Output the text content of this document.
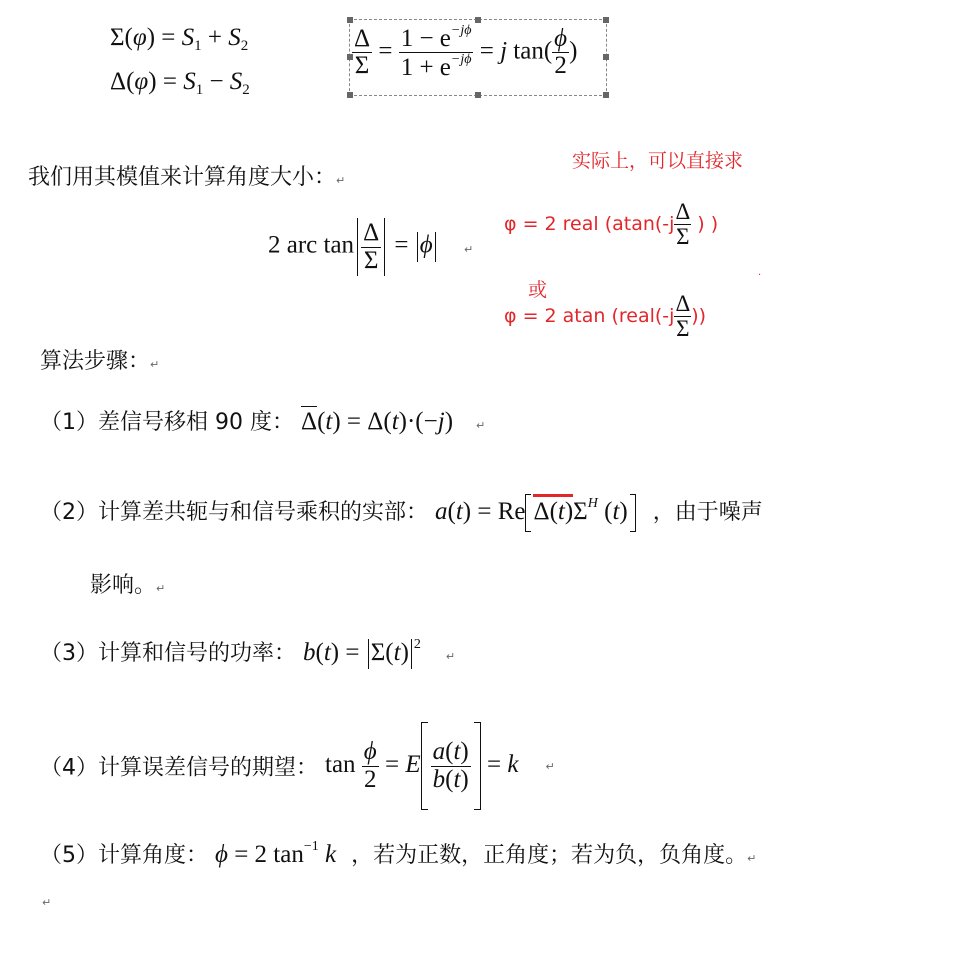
$\Sigma(\varphi) = S_1 + S_2$
$\Delta(\varphi) = S_1 - S_2$
$\frac{\Delta}{\Sigma} = \frac{1 - e^{-j\phi}}{1 + e^{-j\phi}} = j$ $\tan( \frac{\phi}{2}$ )
我们用其模值来计算角度大小：↵
实际上，可以直接求
φ = 2 real ($atan(-j \frac{\Delta}{\Sigma}$ ) )
或
·
φ = 2 atan (real(-j $\frac{\Delta}{\Sigma}$ ))
2 arc $\tan \frac{\Delta}{\Sigma} = \phi$	↵
算法步骤：↵
（1）差信号移相 90 度： Δ(t) = Δ(t)·(−j) ↵
（2）计算差共轭与和信号乘积的实部： a(t) = Re $\Delta(t)\Sigma^H$ (t) ，由于噪声
影响。↵
（3）计算和信号的功率： b(t) = Σ(t) $^2$ ↵
（4）计算误差信号的期望： $\tan \frac{\phi}{2} = E \frac{a(t)}{b(t)} = k$ ↵
（5）计算角度： ϕ = 2 $\tan^{-1} k$ ，若为正数，正角度；若为负，负角度。↵
↵
